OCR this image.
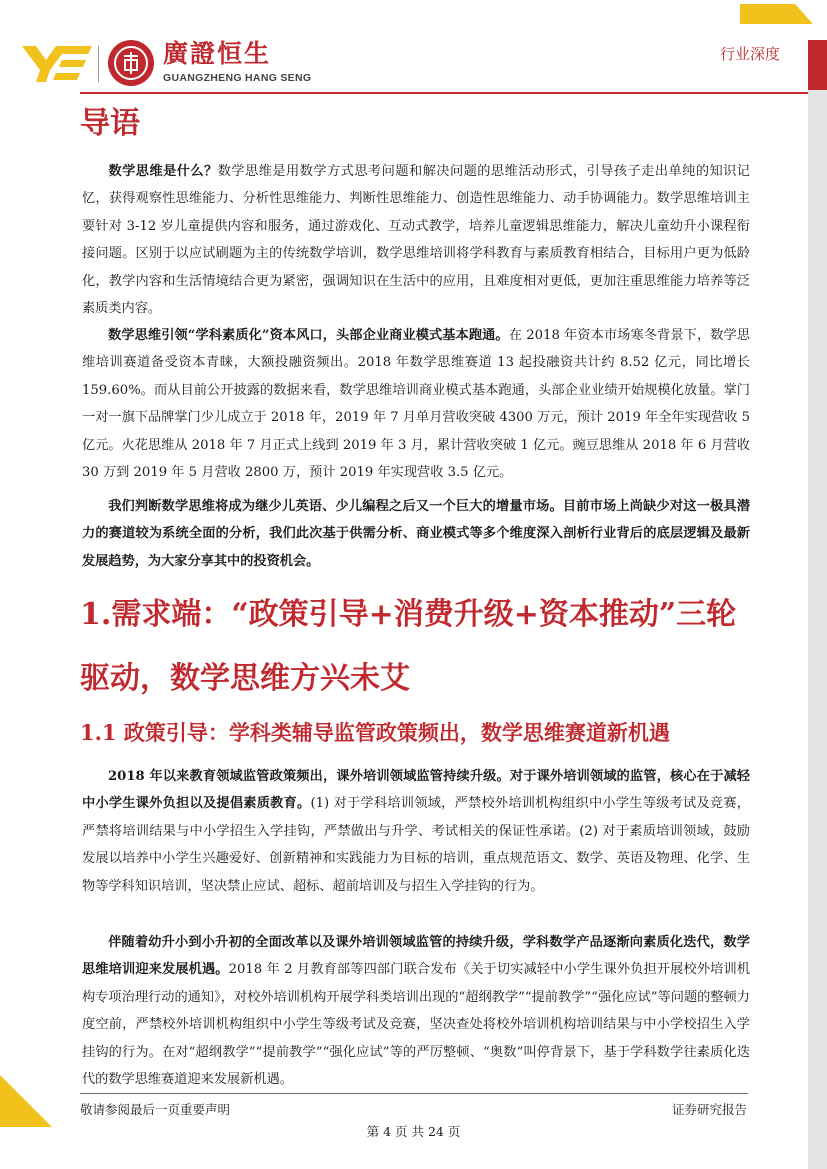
廣證恒生
GUANGZHENG HANG SENG
行业深度
导语

数学思维是什么？数学思维是用数学方式思考问题和解决问题的思维活动形式，引导孩子走出单纯的知识记忆，获得观察性思维能力、分析性思维能力、判断性思维能力、创造性思维能力、动手协调能力。数学思维培训主要针对 3-12 岁儿童提供内容和服务，通过游戏化、互动式教学，培养儿童逻辑思维能力，解决儿童幼升小课程衔接问题。区别于以应试刷题为主的传统数学培训，数学思维培训将学科教育与素质教育相结合，目标用户更为低龄化，教学内容和生活情境结合更为紧密，强调知识在生活中的应用，且难度相对更低，更加注重思维能力培养等泛素质类内容。

数学思维引领“学科素质化”资本风口，头部企业商业模式基本跑通。在 2018 年资本市场寒冬背景下，数学思维培训赛道备受资本青睐，大额投融资频出。2018 年数学思维赛道 13 起投融资共计约 8.52 亿元，同比增长 159.60%。而从目前公开披露的数据来看，数学思维培训商业模式基本跑通，头部企业业绩开始规模化放量。掌门一对一旗下品牌掌门少儿成立于 2018 年，2019 年 7 月单月营收突破 4300 万元，预计 2019 年全年实现营收 5 亿元。火花思维从 2018 年 7 月正式上线到 2019 年 3 月，累计营收突破 1 亿元。豌豆思维从 2018 年 6 月营收 30 万到 2019 年 5 月营收 2800 万，预计 2019 年实现营收 3.5 亿元。

我们判断数学思维将成为继少儿英语、少儿编程之后又一个巨大的增量市场。目前市场上尚缺少对这一极具潜力的赛道较为系统全面的分析，我们此次基于供需分析、商业模式等多个维度深入剖析行业背后的底层逻辑及最新发展趋势，为大家分享其中的投资机会。

1.需求端：“政策引导+消费升级+资本推动”三轮驱动，数学思维方兴未艾
1.1 政策引导：学科类辅导监管政策频出，数学思维赛道新机遇

2018 年以来教育领域监管政策频出，课外培训领域监管持续升级。对于课外培训领域的监管，核心在于减轻中小学生课外负担以及提倡素质教育。(1) 对于学科培训领域，严禁校外培训机构组织中小学生等级考试及竞赛，严禁将培训结果与中小学招生入学挂钩，严禁做出与升学、考试相关的保证性承诺。(2) 对于素质培训领域，鼓励发展以培养中小学生兴趣爱好、创新精神和实践能力为目标的培训，重点规范语文、数学、英语及物理、化学、生物等学科知识培训，坚决禁止应试、超标、超前培训及与招生入学挂钩的行为。

伴随着幼升小到小升初的全面改革以及课外培训领域监管的持续升级，学科数学产品逐渐向素质化迭代，数学思维培训迎来发展机遇。2018 年 2 月教育部等四部门联合发布《关于切实减轻中小学生课外负担开展校外培训机构专项治理行动的通知》，对校外培训机构开展学科类培训出现的“超纲教学”“提前教学”“强化应试”等问题的整顿力度空前，严禁校外培训机构组织中小学生等级考试及竞赛，坚决查处将校外培训机构培训结果与中小学校招生入学挂钩的行为。在对“超纲教学”“提前教学”“强化应试”等的严厉整顿、“奥数”叫停背景下，基于学科数学往素质化迭代的数学思维赛道迎来发展新机遇。

敬请参阅最后一页重要声明	证券研究报告
第 4 页 共 24 页
